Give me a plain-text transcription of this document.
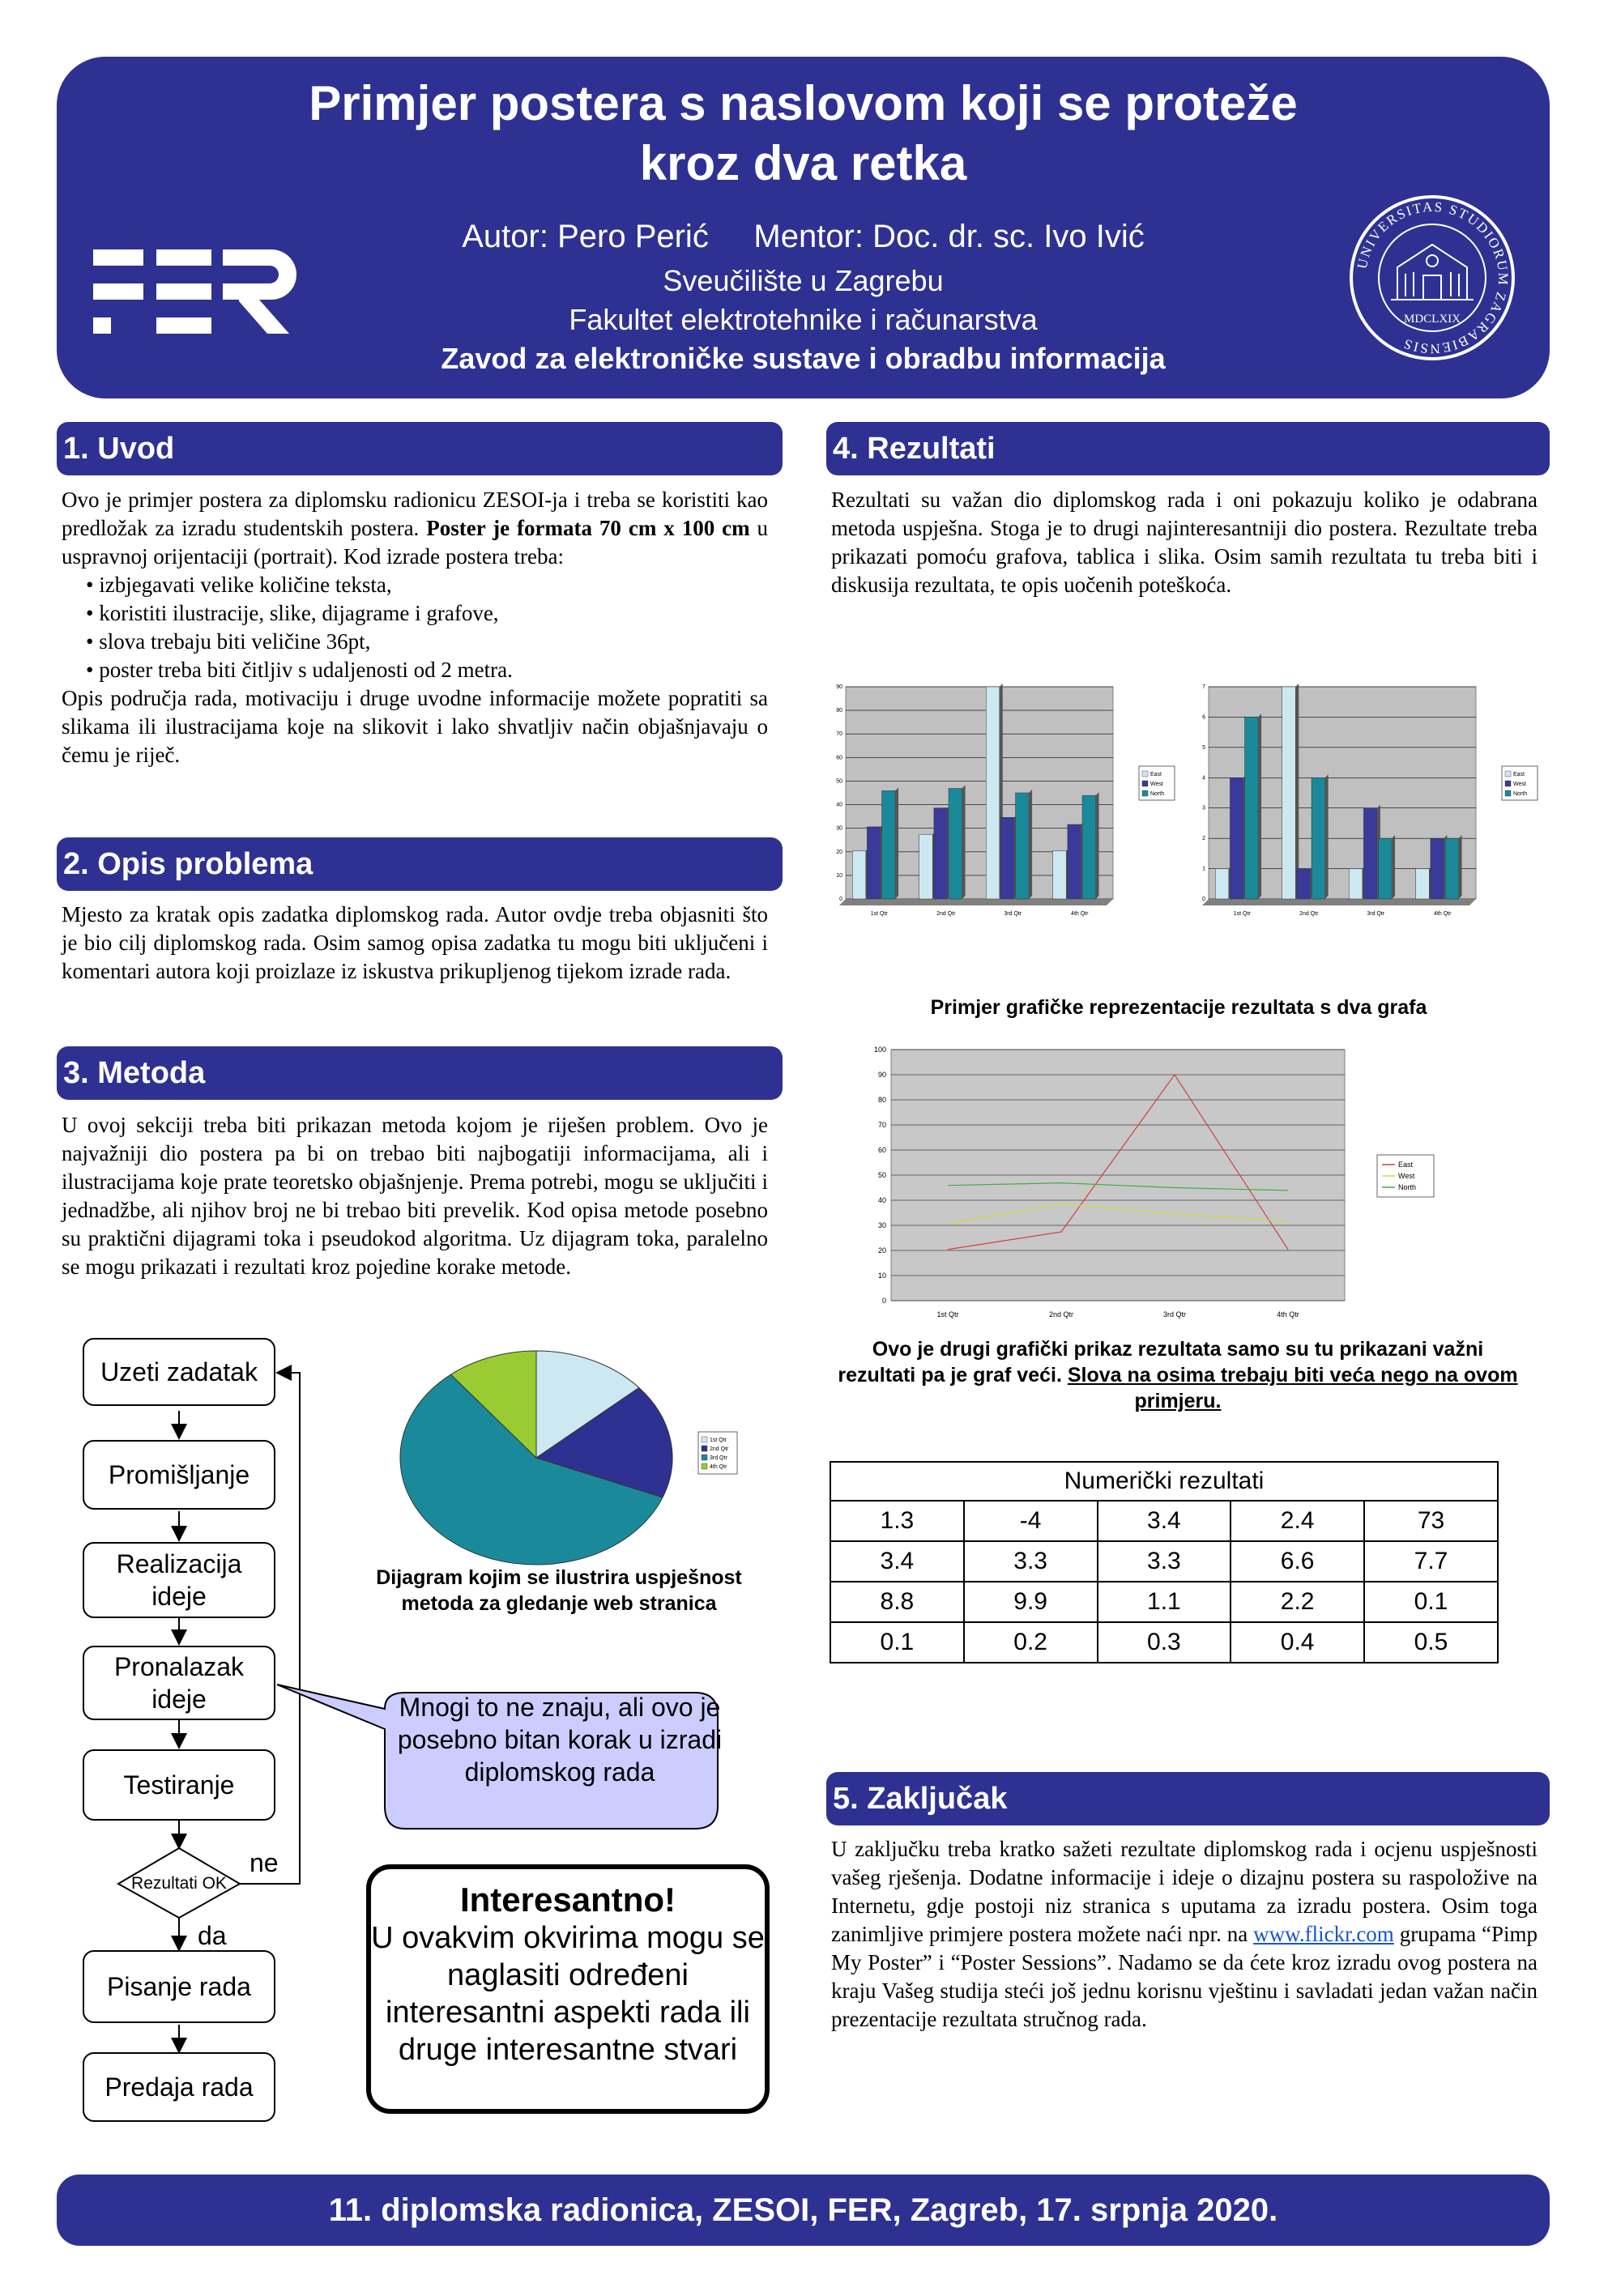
Primjer postera s naslovom koji se proteže
kroz dva retka
Autor: Pero Perić     Mentor: Doc. dr. sc. Ivo Ivić
Sveučilište u Zagrebu
Fakultet elektrotehnike i računarstva
Zavod za elektroničke sustave i obradbu informacija
UNIVERSITAS STUDIORUM ZAGRABIENSIS
MDCLXIX
1. Uvod
Ovo je primjer postera za diplomsku radionicu ZESOI-ja i treba se koristiti kao predložak za izradu studentskih postera. Poster je formata 70 cm x 100 cm u uspravnoj orijentaciji (portrait). Kod izrade postera treba:
• izbjegavati velike količine teksta,
• koristiti ilustracije, slike, dijagrame i grafove,
• slova trebaju biti veličine 36pt,
• poster treba biti čitljiv s udaljenosti od 2 metra.
Opis područja rada, motivaciju i druge uvodne informacije možete popratiti sa slikama ili ilustracijama koje na slikovit i lako shvatljiv način objašnjavaju o čemu je riječ.
2. Opis problema
Mjesto za kratak opis zadatka diplomskog rada. Autor ovdje treba objasniti što je bio cilj diplomskog rada. Osim samog opisa zadatka tu mogu biti uključeni i komentari autora koji proizlaze iz iskustva prikupljenog tijekom izrade rada.
3. Metoda
U ovoj sekciji treba biti prikazan metoda kojom je riješen problem. Ovo je najvažniji dio postera pa bi on trebao biti najbogatiji informacijama, ali i ilustracijama koje prate teoretsko objašnjenje. Prema potrebi, mogu se uključiti i jednadžbe, ali njihov broj ne bi trebao biti prevelik. Kod opisa metode posebno su praktični dijagrami toka i pseudokod algoritma. Uz dijagram toka, paralelno se mogu prikazati i rezultati kroz pojedine korake metode.
Uzeti zadatak
Promišljanje
Realizacija ideje
Pronalazak ideje
Testiranje
Rezultati OK
ne
da
Pisanje rada
Predaja rada
Mnogi to ne znaju, ali ovo je posebno bitan korak u izradi diplomskog rada
1st Qtr
2nd Qtr
3rd Qtr
4th Qtr
Dijagram kojim se ilustrira uspješnost metoda za gledanje web stranica
Interesantno!
U ovakvim okvirima mogu se naglasiti određeni interesantni aspekti rada ili druge interesantne stvari
4. Rezultati
Rezultati su važan dio diplomskog rada i oni pokazuju koliko je odabrana metoda uspješna. Stoga je to drugi najinteresantniji dio postera. Rezultate treba prikazati pomoću grafova, tablica i slika. Osim samih rezultata tu treba biti i diskusija rezultata, te opis uočenih poteškoća.
0
10
20
30
40
50
60
70
80
90
1st Qtr	2nd Qtr	3rd Qtr	4th Qtr
East
West
North
0
1
2
3
4
5
6
7
1st Qtr	2nd Qtr	3rd Qtr	4th Qtr
East
West
North
Primjer grafičke reprezentacije rezultata s dva grafa
0
10
20
30
40
50
60
70
80
90
100
1st Qtr	2nd Qtr	3rd Qtr	4th Qtr
East
West
North
Ovo je drugi grafički prikaz rezultata samo su tu prikazani važni rezultati pa je graf veći. Slova na osima trebaju biti veća nego na ovom primjeru.
Numerički rezultati				
1.3	-4	3.4	2.4	73
3.4	3.3	3.3	6.6	7.7
8.8	9.9	1.1	2.2	0.1
0.1	0.2	0.3	0.4	0.5
5. Zaključak
U zaključku treba kratko sažeti rezultate diplomskog rada i ocjenu uspješnosti vašeg rješenja. Dodatne informacije i ideje o dizajnu postera su raspoložive na Internetu, gdje postoji niz stranica s uputama za izradu postera. Osim toga zanimljive primjere postera možete naći npr. na www.flickr.com grupama “Pimp My Poster” i “Poster Sessions”. Nadamo se da ćete kroz izradu ovog postera na kraju Vašeg studija steći još jednu korisnu vještinu i savladati jedan važan način prezentacije rezultata stručnog rada.
11. diplomska radionica, ZESOI, FER, Zagreb, 17. srpnja 2020.
